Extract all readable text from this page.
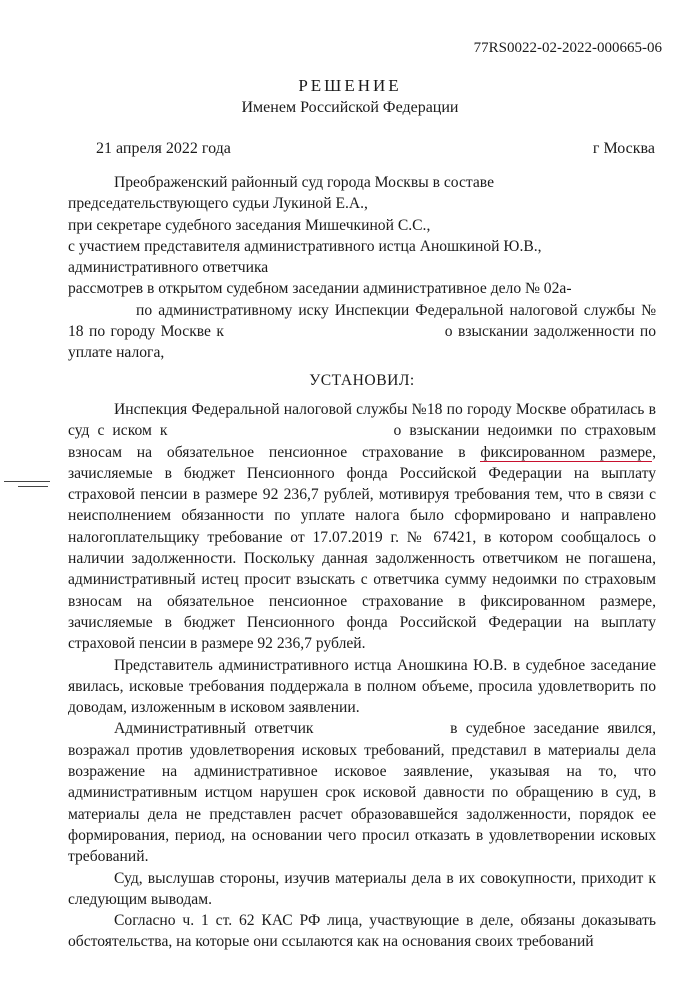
77RS0022-02-2022-000665-06
РЕШЕНИЕ
Именем Российской Федерации
21 апреля 2022 года	г Москва

Преображенский районный суд города Москвы в составе

председательствующего судьи Лукиной Е.А.,

при секретаре судебного заседания Мишечкиной С.С.,

с участием представителя административного истца Аношкиной Ю.В.,

административного ответчика

рассмотрев в открытом судебном заседании административное дело № 02а-

по административному иску Инспекции Федеральной налоговой службы № 18 по городу Москве к	о взыскании задолженности по уплате налога,

УСТАНОВИЛ:

Инспекция Федеральной налоговой службы №18 по городу Москве обратилась в суд с иском к	о взыскании недоимки по страховым взносам на обязательное пенсионное страхование в фиксированном размере, зачисляемые в бюджет Пенсионного фонда Российской Федерации на выплату страховой пенсии в размере 92 236,7 рублей, мотивируя требования тем, что в связи с неисполнением обязанности по уплате налога было сформировано и направлено налогоплательщику требование от 17.07.2019 г. № 67421, в котором сообщалось о наличии задолженности. Поскольку данная задолженность ответчиком не погашена, административный истец просит взыскать с ответчика сумму недоимки по страховым взносам на обязательное пенсионное страхование в фиксированном размере, зачисляемые в бюджет Пенсионного фонда Российской Федерации на выплату страховой пенсии в размере 92 236,7 рублей.

Представитель административного истца Аношкина Ю.В. в судебное заседание явилась, исковые требования поддержала в полном объеме, просила удовлетворить по доводам, изложенным в исковом заявлении.

Административный ответчик	в судебное заседание явился, возражал против удовлетворения исковых требований, представил в материалы дела возражение на административное исковое заявление, указывая на то, что административным истцом нарушен срок исковой давности по обращению в суд, в материалы дела не представлен расчет образовавшейся задолженности, порядок ее формирования, период, на основании чего просил отказать в удовлетворении исковых требований.

Суд, выслушав стороны, изучив материалы дела в их совокупности, приходит к следующим выводам.

Согласно ч. 1 ст. 62 КАС РФ лица, участвующие в деле, обязаны доказывать обстоятельства, на которые они ссылаются как на основания своих требований
